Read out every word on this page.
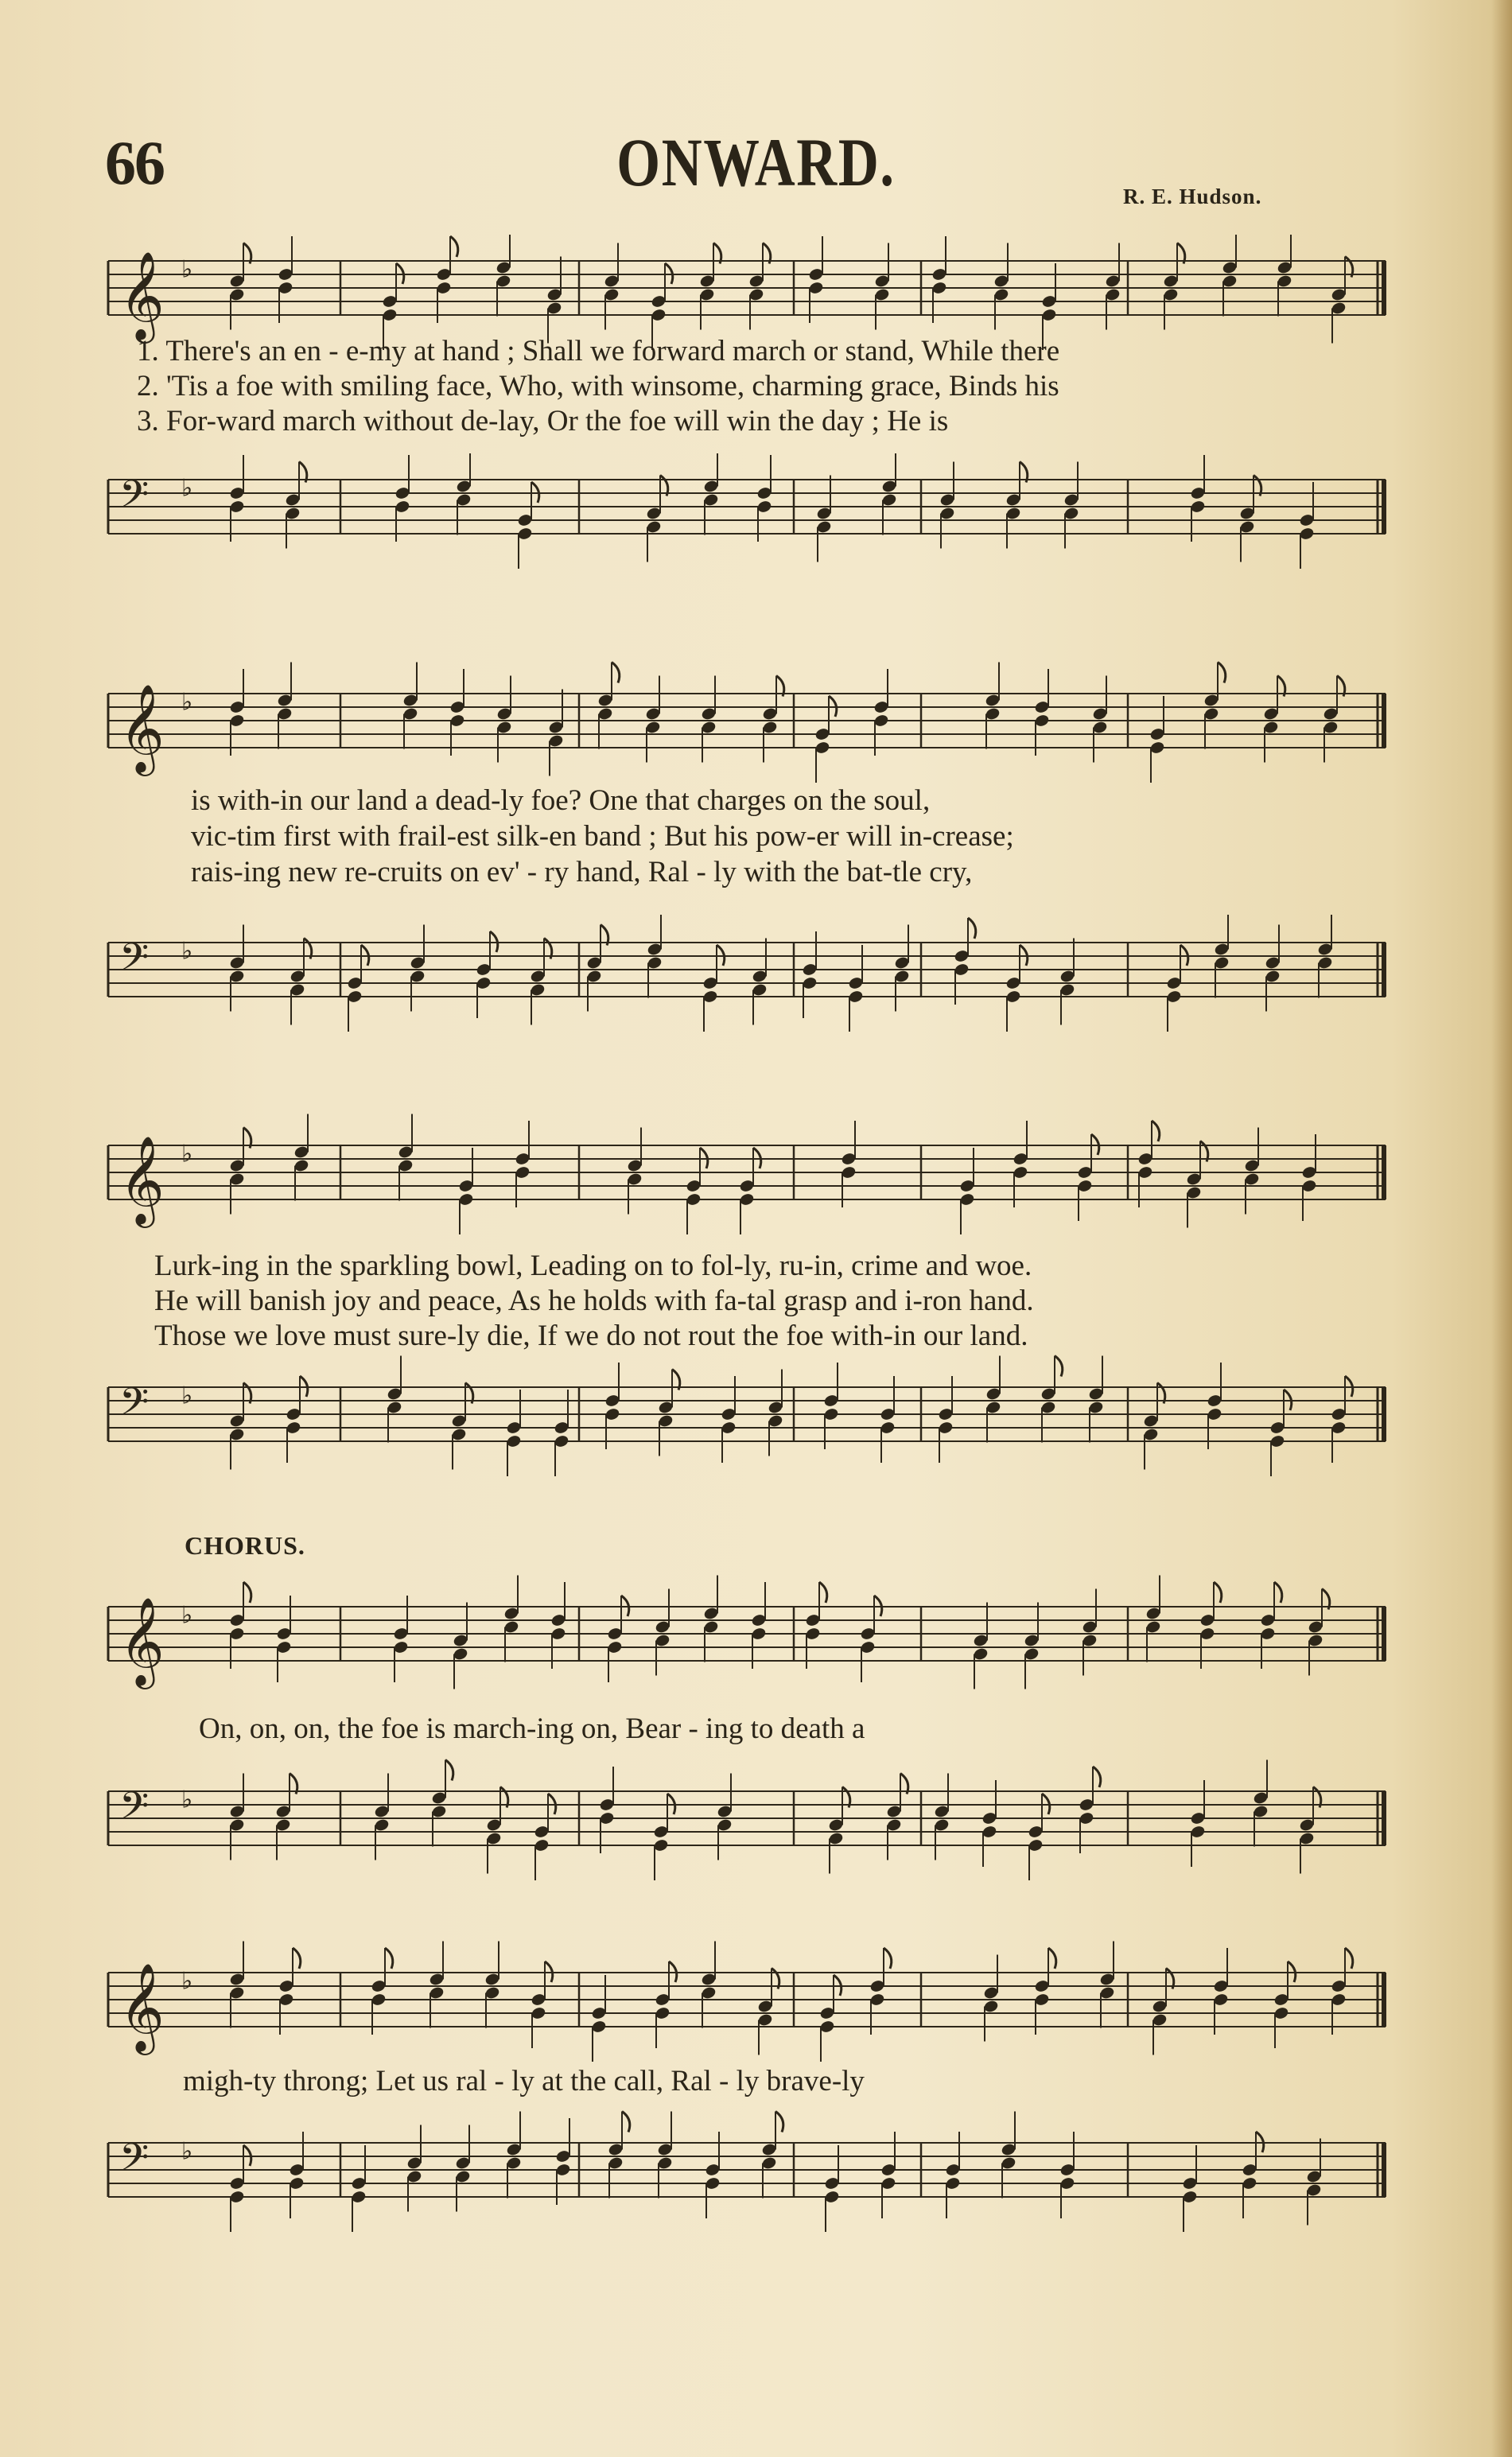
66	ONWARD.	R. E. Hudson.
𝄞 ♭
1. There's an en - e-my at hand ; Shall we forward march or stand, While there
2. 'Tis a foe with smiling face, Who, with winsome, charming grace, Binds his
3. For-ward march without de-lay, Or the foe will win the day ; He is
𝄢 ♭
𝄞 ♭
is with-in our land a dead-ly foe? One that charges on the soul,
vic-tim first with frail-est silk-en band ; But his pow-er will in-crease;
rais-ing new re-cruits on ev' - ry hand, Ral - ly with the bat-tle cry,
𝄢 ♭
𝄞 ♭
Lurk-ing in the sparkling bowl, Leading on to fol-ly, ru-in, crime and woe.
He will banish joy and peace, As he holds with fa-tal grasp and i-ron hand.
Those we love must sure-ly die, If we do not rout the foe with-in our land.
𝄢 ♭
CHORUS.
𝄞 ♭
On, on, on, the foe is march-ing on, Bear - ing to death a
𝄢 ♭
𝄞 ♭
migh-ty throng; Let us ral - ly at the call, Ral - ly brave-ly
𝄢 ♭
